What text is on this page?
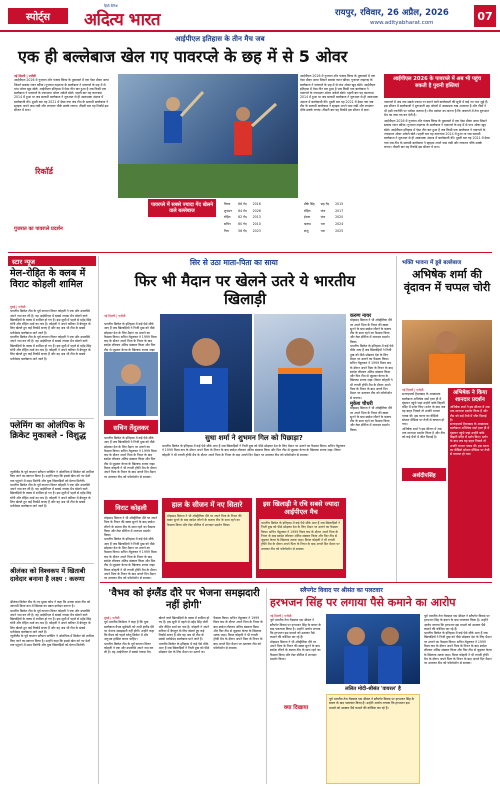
स्पोर्ट्स
हिंदी दैनिक
अदित्य भारत	रायपुर, रविवार, 26 अप्रैल, 2026
www.adityabharat.com
07
आईपीएल इतिहास के तीन मैच जब
एक ही बल्लेबाज खेल गए पावरप्ले के छह में से 5 ओवर
नई दिल्ली | एजेंसी
आईपीएल 2026 में गुजरात और पंजाब किंग्स के मुकाबले में एक ऐसा मौका आया जिसने सबका ध्यान खींचा। गुजरात टाइटन्स के बल्लेबाज ने पावरप्ले के छह में से पांच ओवर खुद खेले। आईपीएल इतिहास में ऐसा तीन बार हुआ है जब किसी एक बल्लेबाज ने पावरप्ले के ज्यादातर ओवर अकेले खेले। पहली बार यह कारनामा 2014 में हुआ था जब सलामी बल्लेबाज ने शुरुआत से ही आक्रामक अंदाज में बल्लेबाजी की। दूसरी बार यह 2021 में देखा गया जब टीम के सलामी बल्लेबाज ने स्ट्राइक अपने पास रखी और लगातार चौके छक्के लगाए। तीसरी बार यह रिकॉर्ड इस सीजन में बना।
रिकॉर्ड
गुजरात का पावरप्ले प्रदर्शन
पावरप्ले में सबसे ज्यादा गेंद खेलने वाले बल्लेबाज
विराट	66 गेंद	2016
शुभमन	64 गेंद	2026
रोहित	62 गेंद	2013
सचिन	60 गेंद	2010
गिल	56 गेंद	2023
डीके सिंह	छह गेंद	2015
रोहित	पांच	2017
ईशान	पांच	2020
ऋषभ	चार	2024
संजू	चार	2025
आईपीएल 2026 में गुजरात और पंजाब किंग्स के मुकाबले में एक ऐसा मौका आया जिसने सबका ध्यान खींचा। गुजरात टाइटन्स के बल्लेबाज ने पावरप्ले के छह में से पांच ओवर खुद खेले। आईपीएल इतिहास में ऐसा तीन बार हुआ है जब किसी एक बल्लेबाज ने पावरप्ले के ज्यादातर ओवर अकेले खेले। पहली बार यह कारनामा 2014 में हुआ था जब सलामी बल्लेबाज ने शुरुआत से ही आक्रामक अंदाज में बल्लेबाजी की। दूसरी बार यह 2021 में देखा गया जब टीम के सलामी बल्लेबाज ने स्ट्राइक अपने पास रखी और लगातार चौके छक्के लगाए। तीसरी बार यह रिकॉर्ड इस सीजन में बना।
आईपीएल 2026 के पावरप्ले में अब भी पहुंच सकती है पुरानी हस्तियां
पावरप्ले में अब तक सबसे ज्यादा रन बनाने वाले बल्लेबाजों की सूची में कई नए नाम जुड़े हैं। इस सीजन में बल्लेबाजों ने शुरुआती छह ओवरों में आक्रामक रुख अपनाया है और टीमों ने भी इसी रणनीति पर भरोसा जताया है। टीम प्रबंधन का मानना है कि पावरप्ले में तेज शुरुआत मैच का रुख तय कर देती है।
आईपीएल 2026 में गुजरात और पंजाब किंग्स के मुकाबले में एक ऐसा मौका आया जिसने सबका ध्यान खींचा। गुजरात टाइटन्स के बल्लेबाज ने पावरप्ले के छह में से पांच ओवर खुद खेले। आईपीएल इतिहास में ऐसा तीन बार हुआ है जब किसी एक बल्लेबाज ने पावरप्ले के ज्यादातर ओवर अकेले खेले। पहली बार यह कारनामा 2014 में हुआ था जब सलामी बल्लेबाज ने शुरुआत से ही आक्रामक अंदाज में बल्लेबाजी की। दूसरी बार यह 2021 में देखा गया जब टीम के सलामी बल्लेबाज ने स्ट्राइक अपने पास रखी और लगातार चौके छक्के लगाए। तीसरी बार यह रिकॉर्ड इस सीजन में बना।
स्टार न्यूज
मेल-रोहित के क्लब में विराट कोहली शामिल
मुंबई | एजेंसी
भारतीय क्रिकेट टीम के पूर्व कप्तान विराट कोहली ने एक और उपलब्धि अपने नाम कर ली है। वह आईपीएल में सबसे ज्यादा मैच खेलने वाले खिलाड़ियों के क्लब में शामिल हो गए हैं। इस सूची में पहले से महेंद्र सिंह धोनी और रोहित शर्मा का नाम है। कोहली ने अपने करियर में बेंगलुरु के लिए खेलते हुए कई रिकॉर्ड बनाए हैं और वह अब भी टीम के सबसे भरोसेमंद बल्लेबाज माने जाते हैं।
भारतीय क्रिकेट टीम के पूर्व कप्तान विराट कोहली ने एक और उपलब्धि अपने नाम कर ली है। वह आईपीएल में सबसे ज्यादा मैच खेलने वाले खिलाड़ियों के क्लब में शामिल हो गए हैं। इस सूची में पहले से महेंद्र सिंह धोनी और रोहित शर्मा का नाम है। कोहली ने अपने करियर में बेंगलुरु के लिए खेलते हुए कई रिकॉर्ड बनाए हैं और वह अब भी टीम के सबसे भरोसेमंद बल्लेबाज माने जाते हैं।
फ्लेमिंग का ओलंपिक के क्रिकेट मुकाबले - विशुद्ध
न्यूजीलैंड के पूर्व कप्तान स्टीफन फ्लेमिंग ने ओलंपिक में क्रिकेट को शामिल किए जाने का स्वागत किया है। उन्होंने कहा कि इससे खेल को नए देशों तक पहुंचने में मदद मिलेगी और युवा खिलाड़ियों को प्रेरणा मिलेगी।
भारतीय क्रिकेट टीम के पूर्व कप्तान विराट कोहली ने एक और उपलब्धि अपने नाम कर ली है। वह आईपीएल में सबसे ज्यादा मैच खेलने वाले खिलाड़ियों के क्लब में शामिल हो गए हैं। इस सूची में पहले से महेंद्र सिंह धोनी और रोहित शर्मा का नाम है। कोहली ने अपने करियर में बेंगलुरु के लिए खेलते हुए कई रिकॉर्ड बनाए हैं और वह अब भी टीम के सबसे भरोसेमंद बल्लेबाज माने जाते हैं।
श्रीलंका को विश्वकप में खिताबी दावेदार बनाना है लक्ष्य : करुणा
श्रीलंका क्रिकेट टीम के नए मुख्य कोच ने कहा कि उनका लक्ष्य टीम को आगामी विश्व कप में खिताब का प्रबल दावेदार बनाना है।
भारतीय क्रिकेट टीम के पूर्व कप्तान विराट कोहली ने एक और उपलब्धि अपने नाम कर ली है। वह आईपीएल में सबसे ज्यादा मैच खेलने वाले खिलाड़ियों के क्लब में शामिल हो गए हैं। इस सूची में पहले से महेंद्र सिंह धोनी और रोहित शर्मा का नाम है। कोहली ने अपने करियर में बेंगलुरु के लिए खेलते हुए कई रिकॉर्ड बनाए हैं और वह अब भी टीम के सबसे भरोसेमंद बल्लेबाज माने जाते हैं।
न्यूजीलैंड के पूर्व कप्तान स्टीफन फ्लेमिंग ने ओलंपिक में क्रिकेट को शामिल किए जाने का स्वागत किया है। उन्होंने कहा कि इससे खेल को नए देशों तक पहुंचने में मदद मिलेगी और युवा खिलाड़ियों को प्रेरणा मिलेगी।
सिर से उठा माता-पिता का साया
फिर भी मैदान पर खेलने उतरे ये भारतीय खिलाड़ी
नई दिल्ली | एजेंसी
भारतीय क्रिकेट के इतिहास में कई ऐसे मौके आए हैं जब खिलाड़ियों ने निजी दुख को पीछे छोड़कर देश के लिए मैदान पर उतरने का फैसला किया। सचिन तेंदुलकर ने 1999 विश्व कप के दौरान अपने पिता के निधन के बाद स्वदेश लौटकर अंतिम संस्कार किया और फिर टीम से जुड़कर केन्या के खिलाफ शतक जड़ा।
सचिन तेंदुलकर
भारतीय क्रिकेट के इतिहास में कई ऐसे मौके आए हैं जब खिलाड़ियों ने निजी दुख को पीछे छोड़कर देश के लिए मैदान पर उतरने का फैसला किया। सचिन तेंदुलकर ने 1999 विश्व कप के दौरान अपने पिता के निधन के बाद स्वदेश लौटकर अंतिम संस्कार किया और फिर टीम से जुड़कर केन्या के खिलाफ शतक जड़ा। विराट कोहली ने भी रणजी ट्रॉफी मैच के दौरान अपने पिता के निधन के बाद अगले दिन मैदान पर उतरकर टीम को फॉलोऑन से बचाया।
विराट कोहली
मोहम्मद सिराज ने भी ऑस्ट्रेलिया दौरे पर अपने पिता के निधन की खबर सुनने के बाद स्वदेश लौटने के बजाय टीम के साथ रहने का फैसला किया और टेस्ट सीरीज में शानदार प्रदर्शन किया।
भारतीय क्रिकेट के इतिहास में कई ऐसे मौके आए हैं जब खिलाड़ियों ने निजी दुख को पीछे छोड़कर देश के लिए मैदान पर उतरने का फैसला किया। सचिन तेंदुलकर ने 1999 विश्व कप के दौरान अपने पिता के निधन के बाद स्वदेश लौटकर अंतिम संस्कार किया और फिर टीम से जुड़कर केन्या के खिलाफ शतक जड़ा। विराट कोहली ने भी रणजी ट्रॉफी मैच के दौरान अपने पिता के निधन के बाद अगले दिन मैदान पर उतरकर टीम को फॉलोऑन से बचाया।
सुधा शर्मा ने शुभमन गिल को पिछाड़ा?
भारतीय क्रिकेट के इतिहास में कई ऐसे मौके आए हैं जब खिलाड़ियों ने निजी दुख को पीछे छोड़कर देश के लिए मैदान पर उतरने का फैसला किया। सचिन तेंदुलकर ने 1999 विश्व कप के दौरान अपने पिता के निधन के बाद स्वदेश लौटकर अंतिम संस्कार किया और फिर टीम से जुड़कर केन्या के खिलाफ शतक जड़ा। विराट कोहली ने भी रणजी ट्रॉफी मैच के दौरान अपने पिता के निधन के बाद अगले दिन मैदान पर उतरकर टीम को फॉलोऑन से बचाया।
हाल के सीजन में नए सितारे
मोहम्मद सिराज ने भी ऑस्ट्रेलिया दौरे पर अपने पिता के निधन की खबर सुनने के बाद स्वदेश लौटने के बजाय टीम के साथ रहने का फैसला किया और टेस्ट सीरीज में शानदार प्रदर्शन किया।
इस खिलाड़ी ने रचि सबसे ज्यादा आईपीएल मैच
भारतीय क्रिकेट के इतिहास में कई ऐसे मौके आए हैं जब खिलाड़ियों ने निजी दुख को पीछे छोड़कर देश के लिए मैदान पर उतरने का फैसला किया। सचिन तेंदुलकर ने 1999 विश्व कप के दौरान अपने पिता के निधन के बाद स्वदेश लौटकर अंतिम संस्कार किया और फिर टीम से जुड़कर केन्या के खिलाफ शतक जड़ा। विराट कोहली ने भी रणजी ट्रॉफी मैच के दौरान अपने पिता के निधन के बाद अगले दिन मैदान पर उतरकर टीम को फॉलोऑन से बचाया।
करुण नायर
मोहम्मद सिराज ने भी ऑस्ट्रेलिया दौरे पर अपने पिता के निधन की खबर सुनने के बाद स्वदेश लौटने के बजाय टीम के साथ रहने का फैसला किया और टेस्ट सीरीज में शानदार प्रदर्शन किया।
भारतीय क्रिकेट के इतिहास में कई ऐसे मौके आए हैं जब खिलाड़ियों ने निजी दुख को पीछे छोड़कर देश के लिए मैदान पर उतरने का फैसला किया। सचिन तेंदुलकर ने 1999 विश्व कप के दौरान अपने पिता के निधन के बाद स्वदेश लौटकर अंतिम संस्कार किया और फिर टीम से जुड़कर केन्या के खिलाफ शतक जड़ा। विराट कोहली ने भी रणजी ट्रॉफी मैच के दौरान अपने पिता के निधन के बाद अगले दिन मैदान पर उतरकर टीम को फॉलोऑन से बचाया।
मुकेश चौधरी
मोहम्मद सिराज ने भी ऑस्ट्रेलिया दौरे पर अपने पिता के निधन की खबर सुनने के बाद स्वदेश लौटने के बजाय टीम के साथ रहने का फैसला किया और टेस्ट सीरीज में शानदार प्रदर्शन किया।
भक्ति भावना में डूबे बल्लेबाज
अभिषेक शर्मा की वृंदावन में चप्पल चोरी
नई दिल्ली | एजेंसी
सनराइजर्स हैदराबाद के आक्रामक बल्लेबाज अभिषेक शर्मा हाल ही में वृंदावन पहुंचे जहां उन्होंने बांके बिहारी मंदिर में दर्शन किए। दर्शन के बाद जब वह बाहर निकले तो उनकी चप्पल गायब थी। इस घटना का वीडियो सोशल मीडिया पर तेजी से वायरल हो गया।
अभिषेक शर्मा ने इस सीजन में अब तक शानदार प्रदर्शन किया है और टीम को कई मैचों में जीत दिलाई है।
अर्शदीपसिंह
अभिषेक ने किया शानदार प्रदर्शन
अभिषेक शर्मा ने इस सीजन में अब तक शानदार प्रदर्शन किया है और टीम को कई मैचों में जीत दिलाई है।
सनराइजर्स हैदराबाद के आक्रामक बल्लेबाज अभिषेक शर्मा हाल ही में वृंदावन पहुंचे जहां उन्होंने बांके बिहारी मंदिर में दर्शन किए। दर्शन के बाद जब वह बाहर निकले तो उनकी चप्पल गायब थी। इस घटना का वीडियो सोशल मीडिया पर तेजी से वायरल हो गया।
'वैभव को इंग्लैंड दौरे पर भेजना समझदारी नहीं होगी'
मुंबई | एजेंसी
पूर्व भारतीय क्रिकेटर ने कहा है कि युवा बल्लेबाज वैभव सूर्यवंशी को अभी इंग्लैंड दौरे पर भेजना समझदारी नहीं होगी। उन्होंने कहा कि वैभव को पहले घरेलू क्रिकेट में और अनुभव हासिल करना चाहिए।
भारतीय क्रिकेट टीम के पूर्व कप्तान विराट कोहली ने एक और उपलब्धि अपने नाम कर ली है। वह आईपीएल में सबसे ज्यादा मैच खेलने वाले खिलाड़ियों के क्लब में शामिल हो गए हैं। इस सूची में पहले से महेंद्र सिंह धोनी और रोहित शर्मा का नाम है। कोहली ने अपने करियर में बेंगलुरु के लिए खेलते हुए कई रिकॉर्ड बनाए हैं और वह अब भी टीम के सबसे भरोसेमंद बल्लेबाज माने जाते हैं।
भारतीय क्रिकेट के इतिहास में कई ऐसे मौके आए हैं जब खिलाड़ियों ने निजी दुख को पीछे छोड़कर देश के लिए मैदान पर उतरने का फैसला किया। सचिन तेंदुलकर ने 1999 विश्व कप के दौरान अपने पिता के निधन के बाद स्वदेश लौटकर अंतिम संस्कार किया और फिर टीम से जुड़कर केन्या के खिलाफ शतक जड़ा। विराट कोहली ने भी रणजी ट्रॉफी मैच के दौरान अपने पिता के निधन के बाद अगले दिन मैदान पर उतरकर टीम को फॉलोऑन से बचाया।
स्लैपगेट विवाद पर श्रीसंत का पलटवार
हरभजन सिंह पर लगाया पैसे कमाने का आरोप
नई दिल्ली | एजेंसी
पूर्व भारतीय तेज गेंदबाज एस श्रीसंत ने स्लैपगेट विवाद पर हरभजन सिंह के बयान के बाद पलटवार किया है। उन्होंने आरोप लगाया कि हरभजन इस मामले को उठाकर पैसे कमाने की कोशिश कर रहे हैं।
मोहम्मद सिराज ने भी ऑस्ट्रेलिया दौरे पर अपने पिता के निधन की खबर सुनने के बाद स्वदेश लौटने के बजाय टीम के साथ रहने का फैसला किया और टेस्ट सीरीज में शानदार प्रदर्शन किया।
क्या दिखाया
ललित मोदी-श्रीसंत 'वायरल' है
पूर्व भारतीय तेज गेंदबाज एस श्रीसंत ने स्लैपगेट विवाद पर हरभजन सिंह के बयान के बाद पलटवार किया है। उन्होंने आरोप लगाया कि हरभजन इस मामले को उठाकर पैसे कमाने की कोशिश कर रहे हैं।
पूर्व भारतीय तेज गेंदबाज एस श्रीसंत ने स्लैपगेट विवाद पर हरभजन सिंह के बयान के बाद पलटवार किया है। उन्होंने आरोप लगाया कि हरभजन इस मामले को उठाकर पैसे कमाने की कोशिश कर रहे हैं।
भारतीय क्रिकेट के इतिहास में कई ऐसे मौके आए हैं जब खिलाड़ियों ने निजी दुख को पीछे छोड़कर देश के लिए मैदान पर उतरने का फैसला किया। सचिन तेंदुलकर ने 1999 विश्व कप के दौरान अपने पिता के निधन के बाद स्वदेश लौटकर अंतिम संस्कार किया और फिर टीम से जुड़कर केन्या के खिलाफ शतक जड़ा। विराट कोहली ने भी रणजी ट्रॉफी मैच के दौरान अपने पिता के निधन के बाद अगले दिन मैदान पर उतरकर टीम को फॉलोऑन से बचाया।
